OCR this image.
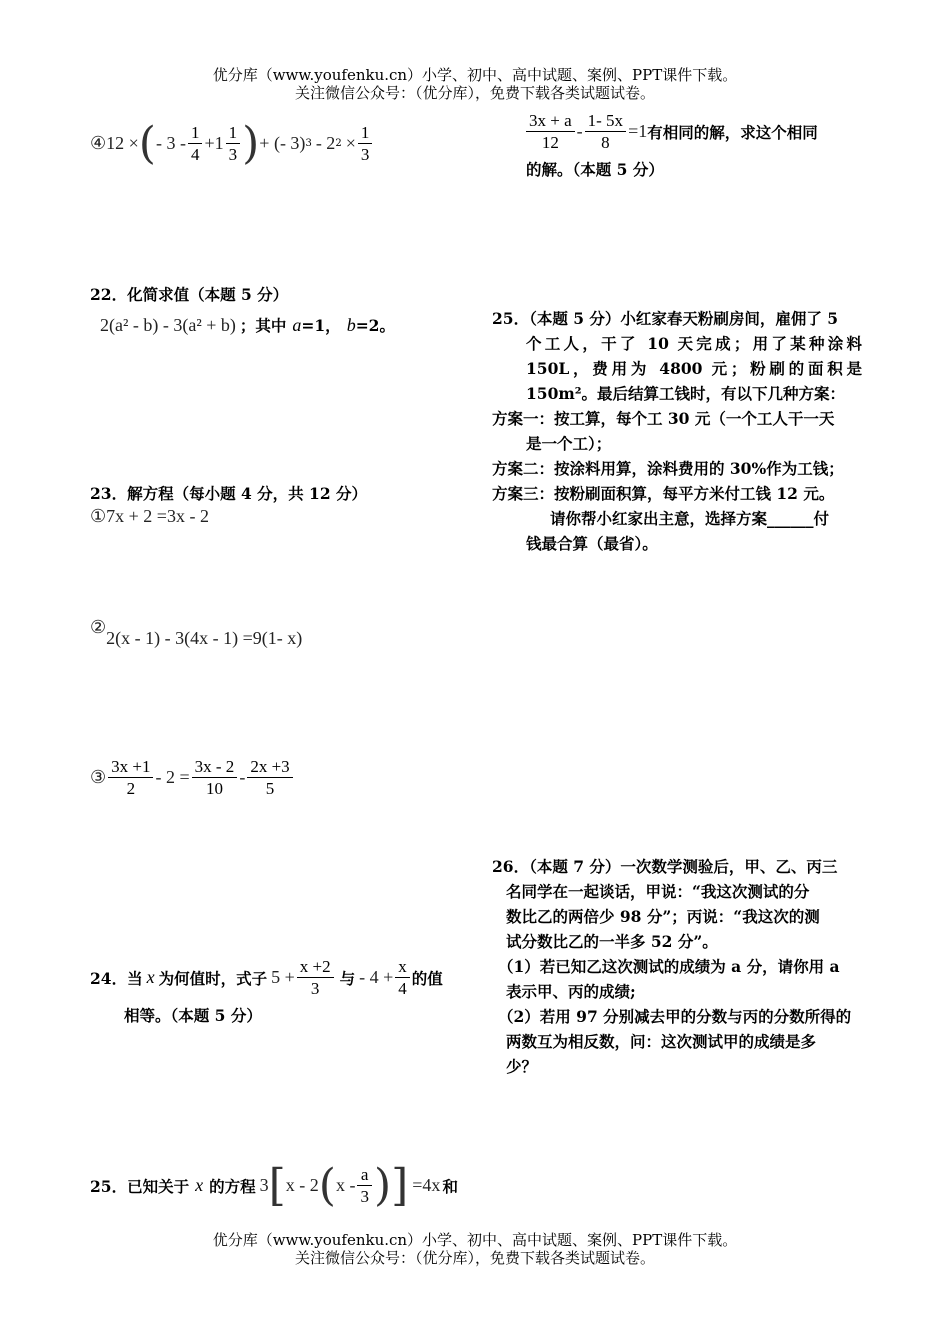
优分库（www.youfenku.cn）小学、初中、高中试题、案例、PPT课件下载。
关注微信公众号：（优分库），免费下载各类试题试卷。
④ 12 × ( - $3 - \frac{1}{4} +1 \frac{1}{3}$ ) + (- 3) 3 - 2 $2 \times \frac{1}{3}$	$\frac{3x + a}{12} - \frac{1- 5x}{8} =1$ 有相同的解，求这个相同
的解。（本题 5 分）
22．化简求值（本题 5 分）
2(a² - b) - 3(a² + b) ；其中 a =1， b =2。
23．解方程（每小题 4 分，共 12 分）
① 7x + 2 =3x - 2
②
2(x - 1) - 3(4x - 1) =9(1- x)
③ $\frac{3x +1}{2} - 2 = \frac{3x - 2}{10} - \frac{2x +3}{5}$
24．当 x 为何值时，式子 $5 + \frac{x +2}{3}$ 与 - $4 + \frac{x}{4}$ 的值
相等。（本题 5 分）
25．已知关于 x 的方程 3 [ x - 2 ( x - $\frac{a}{3}$ ) ] =4x 和
25．（本题 5 分）小红家春天粉刷房间，雇佣了 5
个工人，干了 10 天完成；用了某种涂料
150L，费用为 4800 元；粉刷的面积是
150m²。最后结算工钱时，有以下几种方案：
方案一：按工算，每个工 30 元（一个工人干一天
是一个工）；
方案二：按涂料用算，涂料费用的 30%作为工钱；
方案三：按粉刷面积算，每平方米付工钱 12 元。
请你帮小红家出主意，选择方案______付
钱最合算（最省）。
26．（本题 7 分）一次数学测验后，甲、乙、丙三
名同学在一起谈话，甲说：“我这次测试的分
数比乙的两倍少 98 分”；丙说：“我这次的测
试分数比乙的一半多 52 分”。
（1）若已知乙这次测试的成绩为 a 分，请你用 a
表示甲、丙的成绩;
（2）若用 97 分别减去甲的分数与丙的分数所得的
两数互为相反数，问：这次测试甲的成绩是多
少？
优分库（www.youfenku.cn）小学、初中、高中试题、案例、PPT课件下载。
关注微信公众号：（优分库），免费下载各类试题试卷。
